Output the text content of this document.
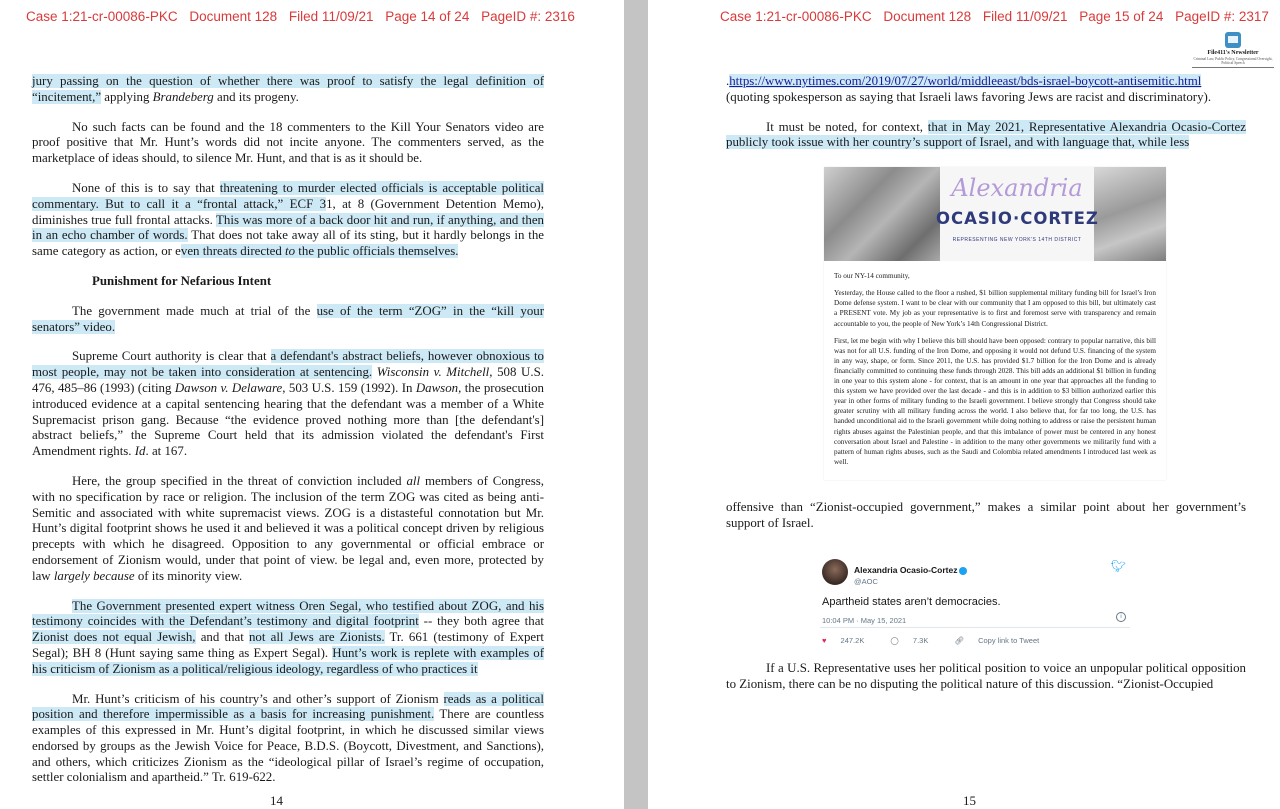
Case 1:21-cr-00086-PKC Document 128 Filed 11/09/21 Page 14 of 24 PageID #: 2316

jury passing on the question of whether there was proof to satisfy the legal definition of “incitement,” applying Brandeberg and its progeny.

No such facts can be found and the 18 commenters to the Kill Your Senators video are proof positive that Mr. Hunt’s words did not incite anyone. The commenters served, as the marketplace of ideas should, to silence Mr. Hunt, and that is as it should be.

None of this is to say that threatening to murder elected officials is acceptable political commentary. But to call it a “frontal attack,” ECF 31, at 8 (Government Detention Memo), diminishes true full frontal attacks. This was more of a back door hit and run, if anything, and then in an echo chamber of words. That does not take away all of its sting, but it hardly belongs in the same category as action, or even threats directed to the public officials themselves.

Punishment for Nefarious Intent

The government made much at trial of the use of the term “ZOG” in the “kill your senators” video.

Supreme Court authority is clear that a defendant's abstract beliefs, however obnoxious to most people, may not be taken into consideration at sentencing. Wisconsin v. Mitchell, 508 U.S. 476, 485–86 (1993) (citing Dawson v. Delaware, 503 U.S. 159 (1992). In Dawson, the prosecution introduced evidence at a capital sentencing hearing that the defendant was a member of a White Supremacist prison gang. Because “the evidence proved nothing more than [the defendant's] abstract beliefs,” the Supreme Court held that its admission violated the defendant's First Amendment rights. Id. at 167.

Here, the group specified in the threat of conviction included all members of Congress, with no specification by race or religion. The inclusion of the term ZOG was cited as being anti-Semitic and associated with white supremacist views. ZOG is a distasteful connotation but Mr. Hunt’s digital footprint shows he used it and believed it was a political concept driven by religious precepts with which he disagreed. Opposition to any governmental or official embrace or endorsement of Zionism would, under that point of view. be legal and, even more, protected by law largely because of its minority view.

The Government presented expert witness Oren Segal, who testified about ZOG, and his testimony coincides with the Defendant’s testimony and digital footprint -- they both agree that Zionist does not equal Jewish, and that not all Jews are Zionists. Tr. 661 (testimony of Expert Segal); BH 8 (Hunt saying same thing as Expert Segal). Hunt’s work is replete with examples of his criticism of Zionism as a political/religious ideology, regardless of who practices it

Mr. Hunt’s criticism of his country’s and other’s support of Zionism reads as a political position and therefore impermissible as a basis for increasing punishment. There are countless examples of this expressed in Mr. Hunt’s digital footprint, in which he discussed similar views endorsed by groups as the Jewish Voice for Peace, B.D.S. (Boycott, Divestment, and Sanctions), and others, which criticizes Zionism as the “ideological pillar of Israel’s regime of occupation, settler colonialism and apartheid.” Tr. 619-622.

14
Case 1:21-cr-00086-PKC Document 128 Filed 11/09/21 Page 15 of 24 PageID #: 2317
File411's Newsletter
Criminal Law, Public Policy, Congressional Oversight, Political Speech

.https://www.nytimes.com/2019/07/27/world/middleeast/bds-israel-boycott-antisemitic.html
(quoting spokesperson as saying that Israeli laws favoring Jews are racist and discriminatory).

It must be noted, for context, that in May 2021, Representative Alexandria Ocasio-Cortez publicly took issue with her country’s support of Israel, and with language that, while less

Alexandria
OCASIO·CORTEZ
REPRESENTING NEW YORK'S 14TH DISTRICT

To our NY-14 community,

Yesterday, the House called to the floor a rushed, $1 billion supplemental military funding bill for Israel’s Iron Dome defense system. I want to be clear with our community that I am opposed to this bill, but ultimately cast a PRESENT vote. My job as your representative is to first and foremost serve with transparency and remain accountable to you, the people of New York’s 14th Congressional District.

First, let me begin with why I believe this bill should have been opposed: contrary to popular narrative, this bill was not for all U.S. funding of the Iron Dome, and opposing it would not defund U.S. financing of the system in any way, shape, or form. Since 2011, the U.S. has provided $1.7 billion for the Iron Dome and is already financially committed to continuing these funds through 2028. This bill adds an additional $1 billion in funding in one year to this system alone - for context, that is an amount in one year that approaches all the funding to this system we have provided over the last decade - and this is in addition to $3 billion authorized earlier this year in other forms of military funding to the Israeli government. I believe strongly that Congress should take greater scrutiny with all military funding across the world. I also believe that, for far too long, the U.S. has handed unconditional aid to the Israeli government while doing nothing to address or raise the persistent human rights abuses against the Palestinian people, and that this imbalance of power must be centered in any honest conversation about Israel and Palestine - in addition to the many other governments we militarily fund with a pattern of human rights abuses, such as the Saudi and Colombia related amendments I introduced last week as well.

offensive than “Zionist-occupied government,” makes a similar point about her government’s support of Israel.

Alexandria Ocasio-Cortez
@AOC
🐦︎
Apartheid states aren’t democracies.
10:04 PM · May 15, 2021	i
♥ 247.2K	◯ 7.3K	🔗︎ Copy link to Tweet

If a U.S. Representative uses her political position to voice an unpopular political opposition to Zionism, there can be no disputing the political nature of this discussion. “Zionist-Occupied

15
